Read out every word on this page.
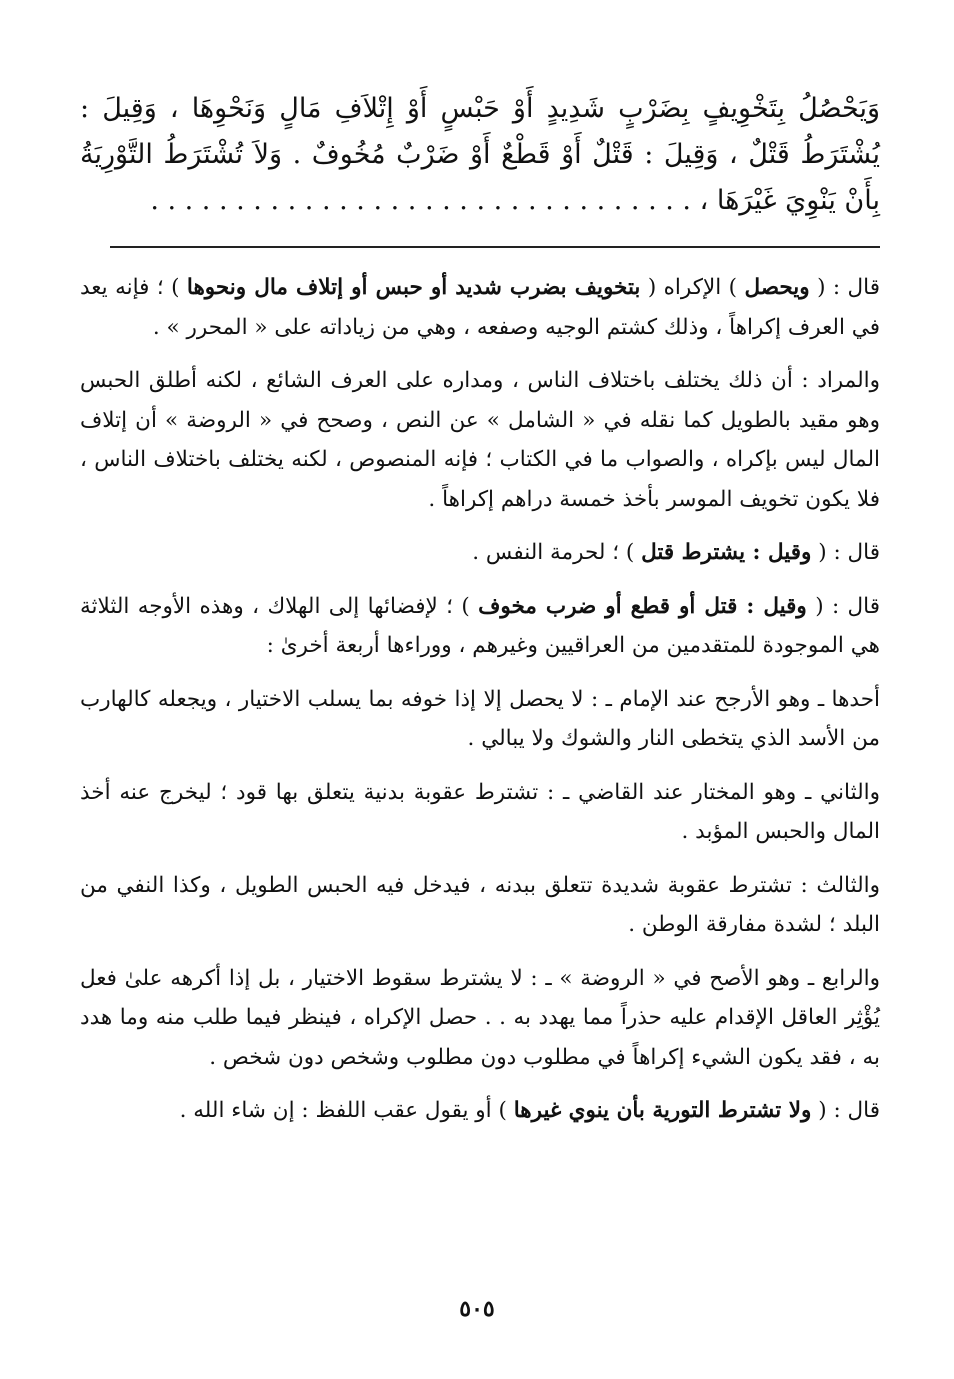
وَيَحْصُلُ بِتَخْوِيفٍ بِضَرْبٍ شَدِيدٍ أَوْ حَبْسٍ أَوْ إِتْلاَفِ مَالٍ وَنَحْوِهَا ، وَقِيلَ : يُشْتَرَطُ قَتْلٌ ، وَقِيلَ : قَتْلٌ أَوْ قَطْعٌ أَوْ ضَرْبٌ مُخُوفٌ . وَلاَ تُشْتَرَطُ التَّوْرِيَةُ بِأَنْ يَنْوِيَ غَيْرَهَا ، . . . . . . . . . . . . . . . . . . . . . . . . . . . . . . . .

قال : ( ويحصل ) الإكراه ( بتخويف بضرب شديد أو حبس أو إتلاف مال ونحوها ) ؛ فإنه يعد في العرف إكراهاً ، وذلك كشتم الوجيه وصفعه ، وهي من زياداته على « المحرر » .

والمراد : أن ذلك يختلف باختلاف الناس ، ومداره على العرف الشائع ، لكنه أطلق الحبس وهو مقيد بالطويل كما نقله في « الشامل » عن النص ، وصحح في « الروضة » أن إتلاف المال ليس بإكراه ، والصواب ما في الكتاب ؛ فإنه المنصوص ، لكنه يختلف باختلاف الناس ، فلا يكون تخويف الموسر بأخذ خمسة دراهم إكراهاً .

قال : ( وقيل : يشترط قتل ) ؛ لحرمة النفس .

قال : ( وقيل : قتل أو قطع أو ضرب مخوف ) ؛ لإفضائها إلى الهلاك ، وهذه الأوجه الثلاثة هي الموجودة للمتقدمين من العراقيين وغيرهم ، ووراءها أربعة أخرىٰ :

أحدها ـ وهو الأرجح عند الإمام ـ : لا يحصل إلا إذا خوفه بما يسلب الاختيار ، ويجعله كالهارب من الأسد الذي يتخطى النار والشوك ولا يبالي .

والثاني ـ وهو المختار عند القاضي ـ : تشترط عقوبة بدنية يتعلق بها قود ؛ ليخرج عنه أخذ المال والحبس المؤبد .

والثالث : تشترط عقوبة شديدة تتعلق ببدنه ، فيدخل فيه الحبس الطويل ، وكذا النفي من البلد ؛ لشدة مفارقة الوطن .

والرابع ـ وهو الأصح في « الروضة » ـ : لا يشترط سقوط الاختيار ، بل إذا أكرهه علىٰ فعل يُؤْثِر العاقل الإقدام عليه حذراً مما يهدد به . . حصل الإكراه ، فينظر فيما طلب منه وما هدد به ، فقد يكون الشيء إكراهاً في مطلوب دون مطلوب وشخص دون شخص .

قال : ( ولا تشترط التورية بأن ينوي غيرها ) أو يقول عقب اللفظ : إن شاء الله .

٥٠٥
